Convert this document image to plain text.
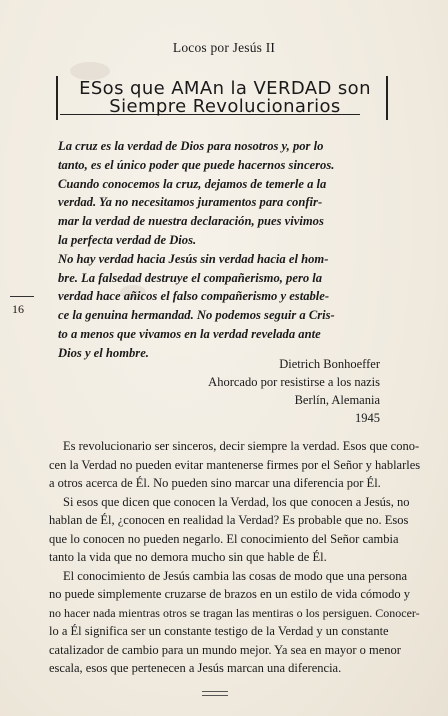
Locos por Jesús II
ESos que AMAn la VERDAD son
Siempre Revolucionarios
La cruz es la verdad de Dios para nosotros y, por lo
tanto, es el único poder que puede hacernos sinceros.
Cuando conocemos la cruz, dejamos de temerle a la
verdad. Ya no necesitamos juramentos para confir-
mar la verdad de nuestra declaración, pues vivimos
la perfecta verdad de Dios.
No hay verdad hacia Jesús sin verdad hacia el hom-
bre. La falsedad destruye el compañerismo, pero la
verdad hace añicos el falso compañerismo y estable-
ce la genuina hermandad. No podemos seguir a Cris-
to a menos que vivamos en la verdad revelada ante
Dios y el hombre.
16
Dietrich Bonhoeffer
Ahorcado por resistirse a los nazis
Berlín, Alemania
1945
Es revolucionario ser sinceros, decir siempre la verdad. Esos que cono-
cen la Verdad no pueden evitar mantenerse firmes por el Señor y hablarles
a otros acerca de Él. No pueden sino marcar una diferencia por Él.
Si esos que dicen que conocen la Verdad, los que conocen a Jesús, no
hablan de Él, ¿conocen en realidad la Verdad? Es probable que no. Esos
que lo conocen no pueden negarlo. El conocimiento del Señor cambia
tanto la vida que no demora mucho sin que hable de Él.
El conocimiento de Jesús cambia las cosas de modo que una persona
no puede simplemente cruzarse de brazos en un estilo de vida cómodo y
no hacer nada mientras otros se tragan las mentiras o los persiguen. Conocer-
lo a Él significa ser un constante testigo de la Verdad y un constante
catalizador de cambio para un mundo mejor. Ya sea en mayor o menor
escala, esos que pertenecen a Jesús marcan una diferencia.
